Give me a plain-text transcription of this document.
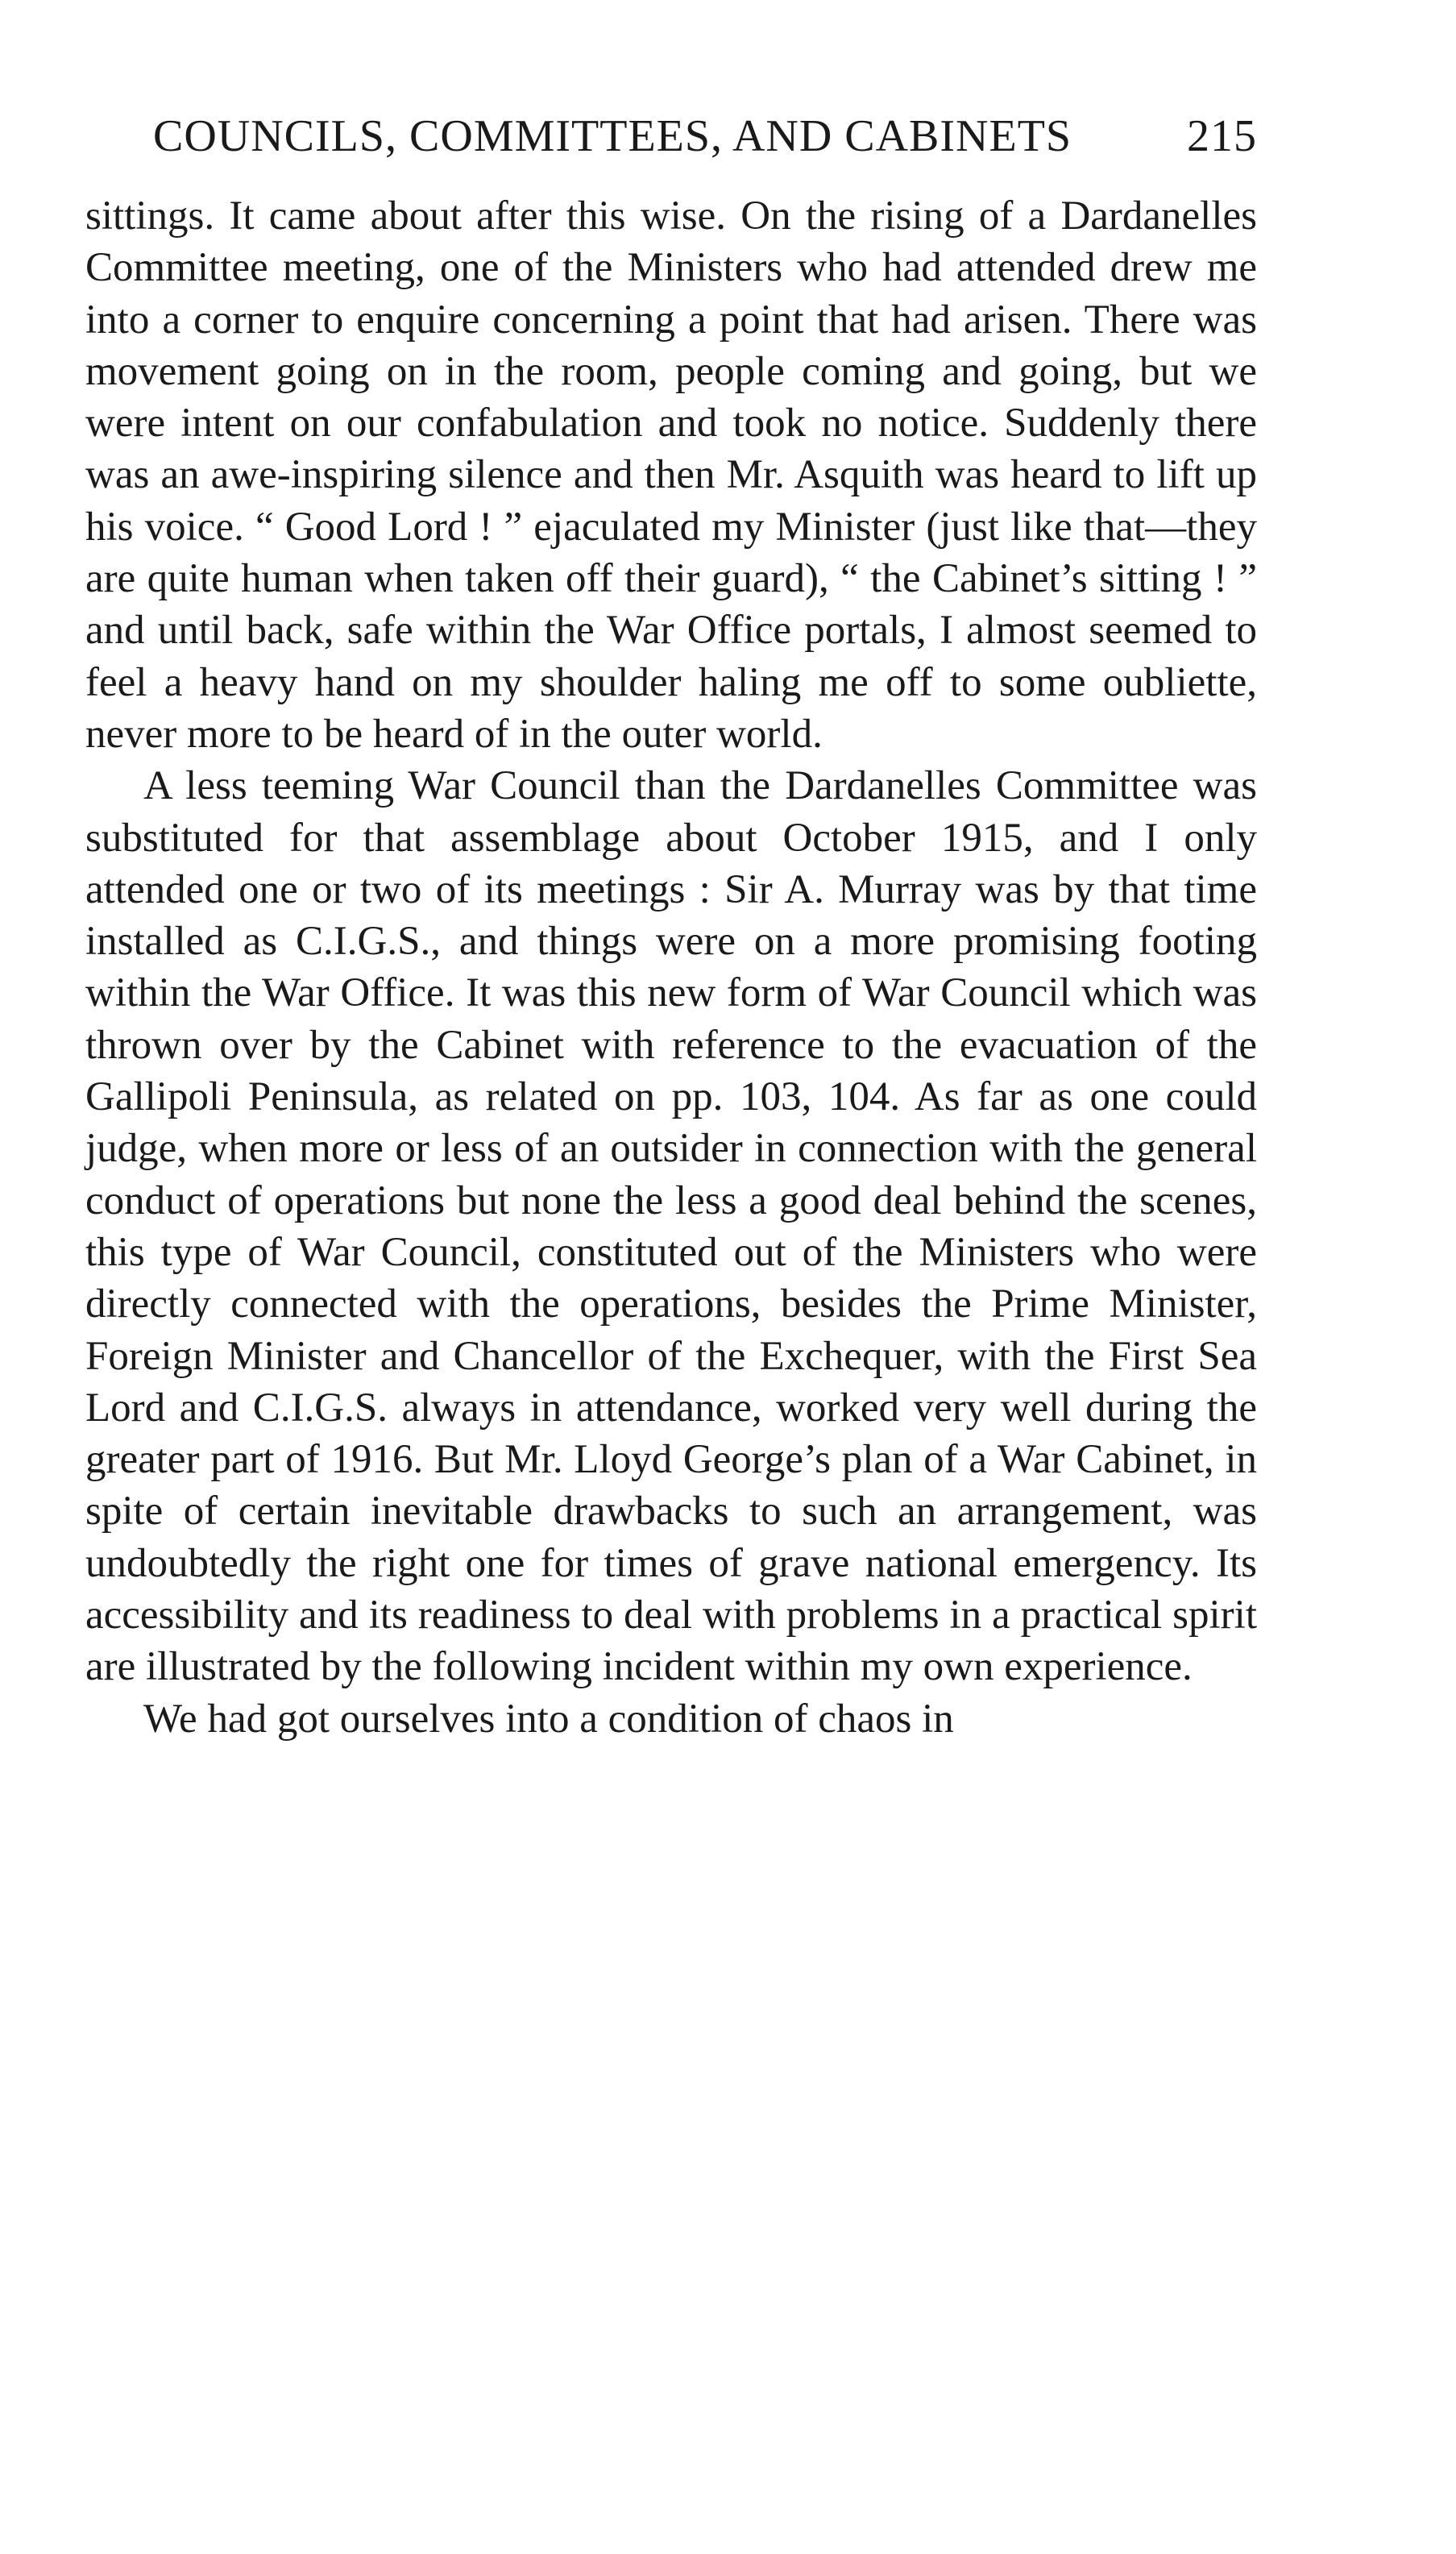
COUNCILS, COMMITTEES, AND CABINETS	215

sittings. It came about after this wise. On the rising of a Dardanelles Committee meeting, one of the Ministers who had attended drew me into a corner to enquire concerning a point that had arisen. There was movement going on in the room, people coming and going, but we were intent on our confabulation and took no notice. Suddenly there was an awe-inspiring silence and then Mr. Asquith was heard to lift up his voice. “ Good Lord ! ” ejaculated my Minister (just like that—they are quite human when taken off their guard), “ the Cabinet’s sitting ! ” and until back, safe within the War Office portals, I almost seemed to feel a heavy hand on my shoulder haling me off to some oubliette, never more to be heard of in the outer world.

A less teeming War Council than the Dardanelles Committee was substituted for that assemblage about October 1915, and I only attended one or two of its meetings : Sir A. Murray was by that time installed as C.I.G.S., and things were on a more promising footing within the War Office. It was this new form of War Council which was thrown over by the Cabinet with reference to the evacuation of the Gallipoli Peninsula, as related on pp. 103, 104. As far as one could judge, when more or less of an outsider in connection with the general conduct of operations but none the less a good deal behind the scenes, this type of War Council, constituted out of the Ministers who were directly connected with the operations, besides the Prime Minister, Foreign Minister and Chancellor of the Exchequer, with the First Sea Lord and C.I.G.S. always in attendance, worked very well during the greater part of 1916. But Mr. Lloyd George’s plan of a War Cabinet, in spite of certain inevitable drawbacks to such an arrangement, was undoubtedly the right one for times of grave national emergency. Its accessibility and its readiness to deal with problems in a practical spirit are illustrated by the following incident within my own experience.

We had got ourselves into a condition of chaos in
